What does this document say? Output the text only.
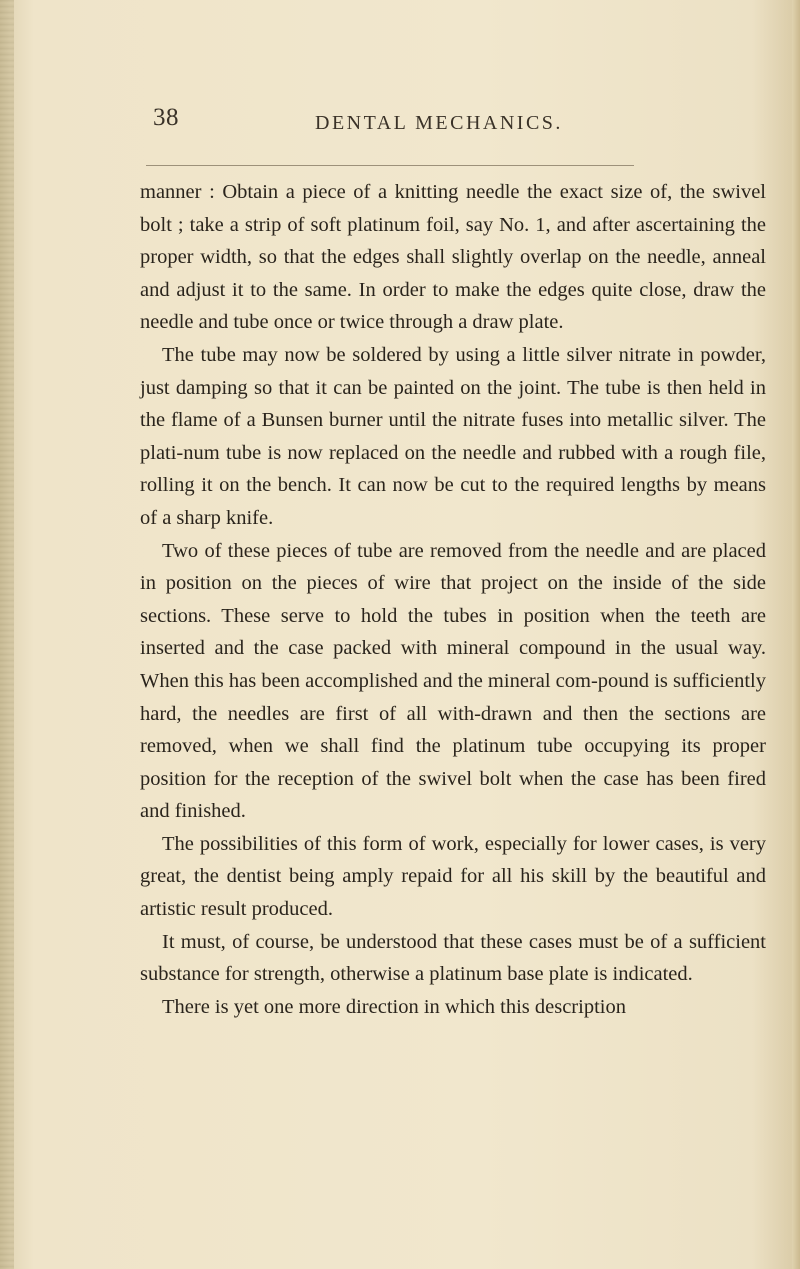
38	DENTAL MECHANICS.

manner : Obtain a piece of a knitting needle the exact size of, the swivel bolt ; take a strip of soft platinum foil, say No. 1, and after ascertaining the proper width, so that the edges shall slightly overlap on the needle, anneal and adjust it to the same. In order to make the edges quite close, draw the needle and tube once or twice through a draw plate.

The tube may now be soldered by using a little silver nitrate in powder, just damping so that it can be painted on the joint. The tube is then held in the flame of a Bunsen burner until the nitrate fuses into metallic silver. The plati-num tube is now replaced on the needle and rubbed with a rough file, rolling it on the bench. It can now be cut to the required lengths by means of a sharp knife.

Two of these pieces of tube are removed from the needle and are placed in position on the pieces of wire that project on the inside of the side sections. These serve to hold the tubes in position when the teeth are inserted and the case packed with mineral compound in the usual way. When this has been accomplished and the mineral com-pound is sufficiently hard, the needles are first of all with-drawn and then the sections are removed, when we shall find the platinum tube occupying its proper position for the reception of the swivel bolt when the case has been fired and finished.

The possibilities of this form of work, especially for lower cases, is very great, the dentist being amply repaid for all his skill by the beautiful and artistic result produced.

It must, of course, be understood that these cases must be of a sufficient substance for strength, otherwise a platinum base plate is indicated.

There is yet one more direction in which this description
